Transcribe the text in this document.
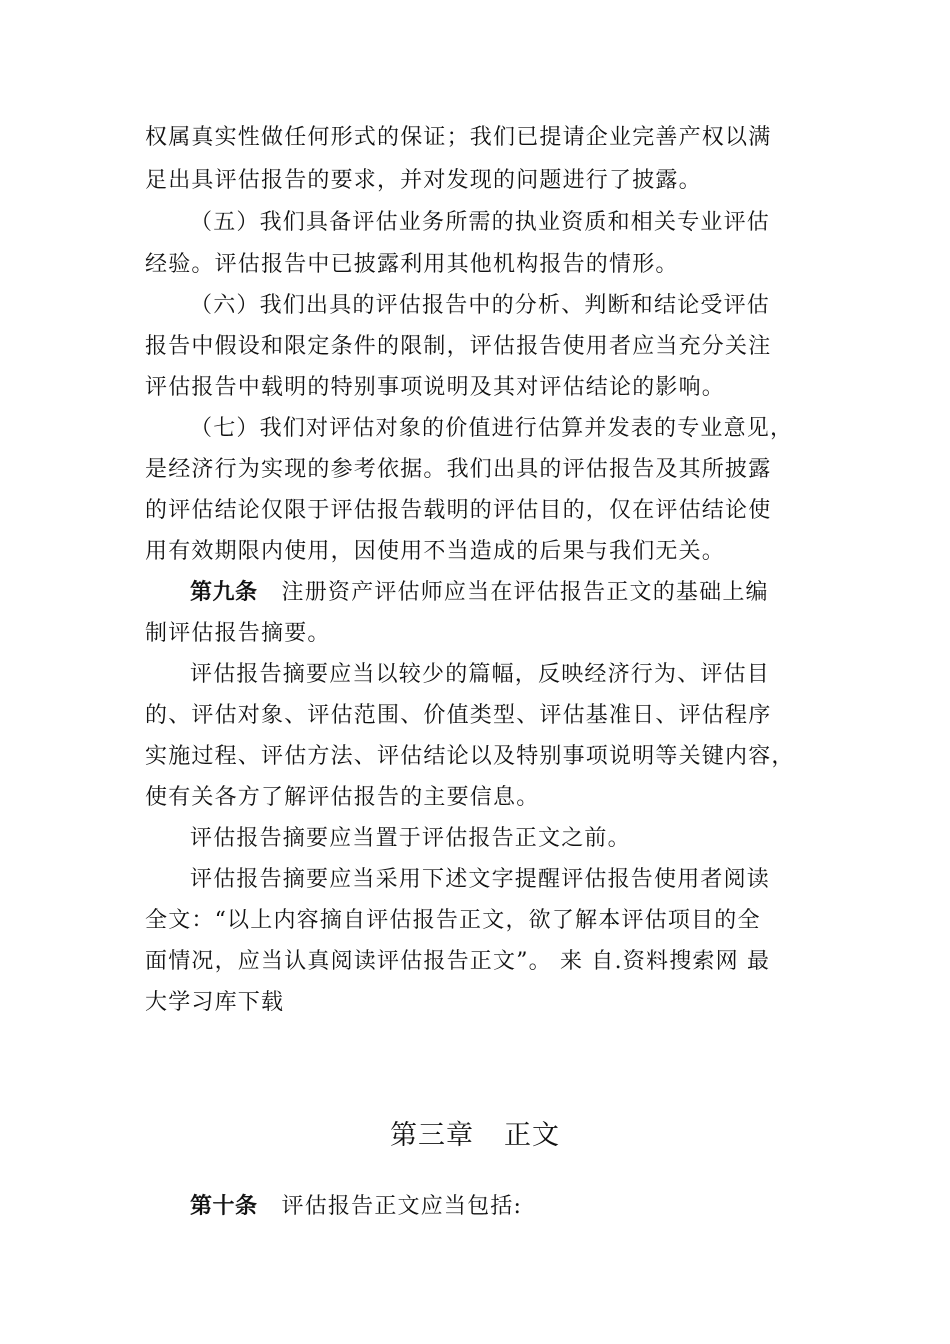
权属真实性做任何形式的保证；我们已提请企业完善产权以满
足出具评估报告的要求，并对发现的问题进行了披露。
（五）我们具备评估业务所需的执业资质和相关专业评估
经验。评估报告中已披露利用其他机构报告的情形。
（六）我们出具的评估报告中的分析、判断和结论受评估
报告中假设和限定条件的限制，评估报告使用者应当充分关注
评估报告中载明的特别事项说明及其对评估结论的影响。
（七）我们对评估对象的价值进行估算并发表的专业意见，
是经济行为实现的参考依据。我们出具的评估报告及其所披露
的评估结论仅限于评估报告载明的评估目的，仅在评估结论使
用有效期限内使用，因使用不当造成的后果与我们无关。
第九条 注册资产评估师应当在评估报告正文的基础上编
制评估报告摘要。
评估报告摘要应当以较少的篇幅，反映经济行为、评估目
的、评估对象、评估范围、价值类型、评估基准日、评估程序
实施过程、评估方法、评估结论以及特别事项说明等关键内容，
使有关各方了解评估报告的主要信息。
评估报告摘要应当置于评估报告正文之前。
评估报告摘要应当采用下述文字提醒评估报告使用者阅读
全文：“以上内容摘自评估报告正文，欲了解本评估项目的全
面情况，应当认真阅读评估报告正文”。 来 自.资料搜索网 最
大学习库下载
第三章 正文
第十条 评估报告正文应当包括:
